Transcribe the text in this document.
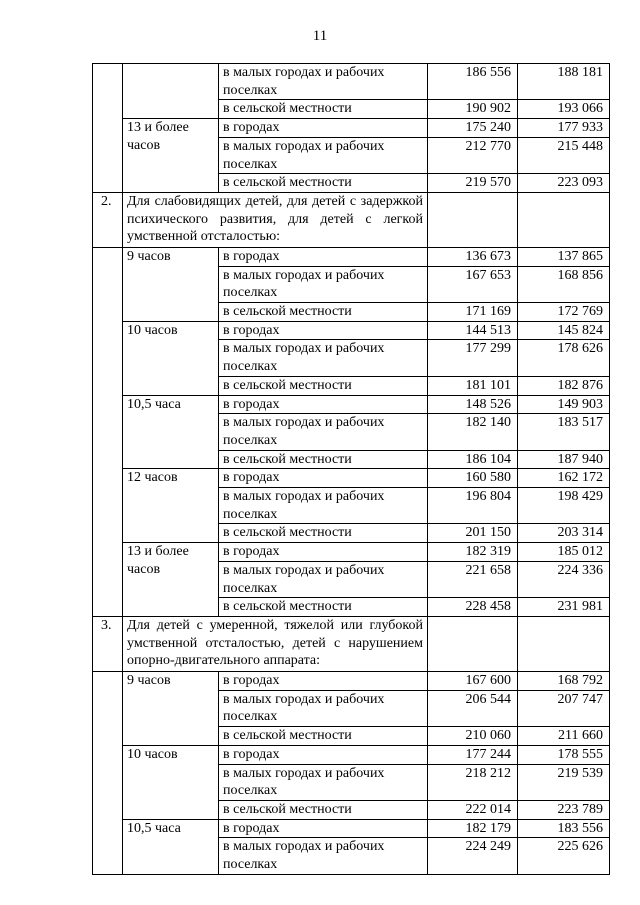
11
		в малых городах и рабочих поселках	186 556	188 181
		в сельской местности	190 902	193 066
	13 и более часов	в городах	175 240	177 933
		в малых городах и рабочих поселках	212 770	215 448
		в сельской местности	219 570	223 093
2.	Для слабовидящих детей, для детей с задержкой психического развития, для детей с легкой умственной отсталостью:			
	9 часов	в городах	136 673	137 865
		в малых городах и рабочих поселках	167 653	168 856
		в сельской местности	171 169	172 769
	10 часов	в городах	144 513	145 824
		в малых городах и рабочих поселках	177 299	178 626
		в сельской местности	181 101	182 876
	10,5 часа	в городах	148 526	149 903
		в малых городах и рабочих поселках	182 140	183 517
		в сельской местности	186 104	187 940
	12 часов	в городах	160 580	162 172
		в малых городах и рабочих поселках	196 804	198 429
		в сельской местности	201 150	203 314
	13 и более часов	в городах	182 319	185 012
		в малых городах и рабочих поселках	221 658	224 336
		в сельской местности	228 458	231 981
3.	Для детей с умеренной, тяжелой или глубокой умственной отсталостью, детей с нарушением опорно-двигательного аппарата:			
	9 часов	в городах	167 600	168 792
		в малых городах и рабочих поселках	206 544	207 747
		в сельской местности	210 060	211 660
	10 часов	в городах	177 244	178 555
		в малых городах и рабочих поселках	218 212	219 539
		в сельской местности	222 014	223 789
	10,5 часа	в городах	182 179	183 556
		в малых городах и рабочих поселках	224 249	225 626
